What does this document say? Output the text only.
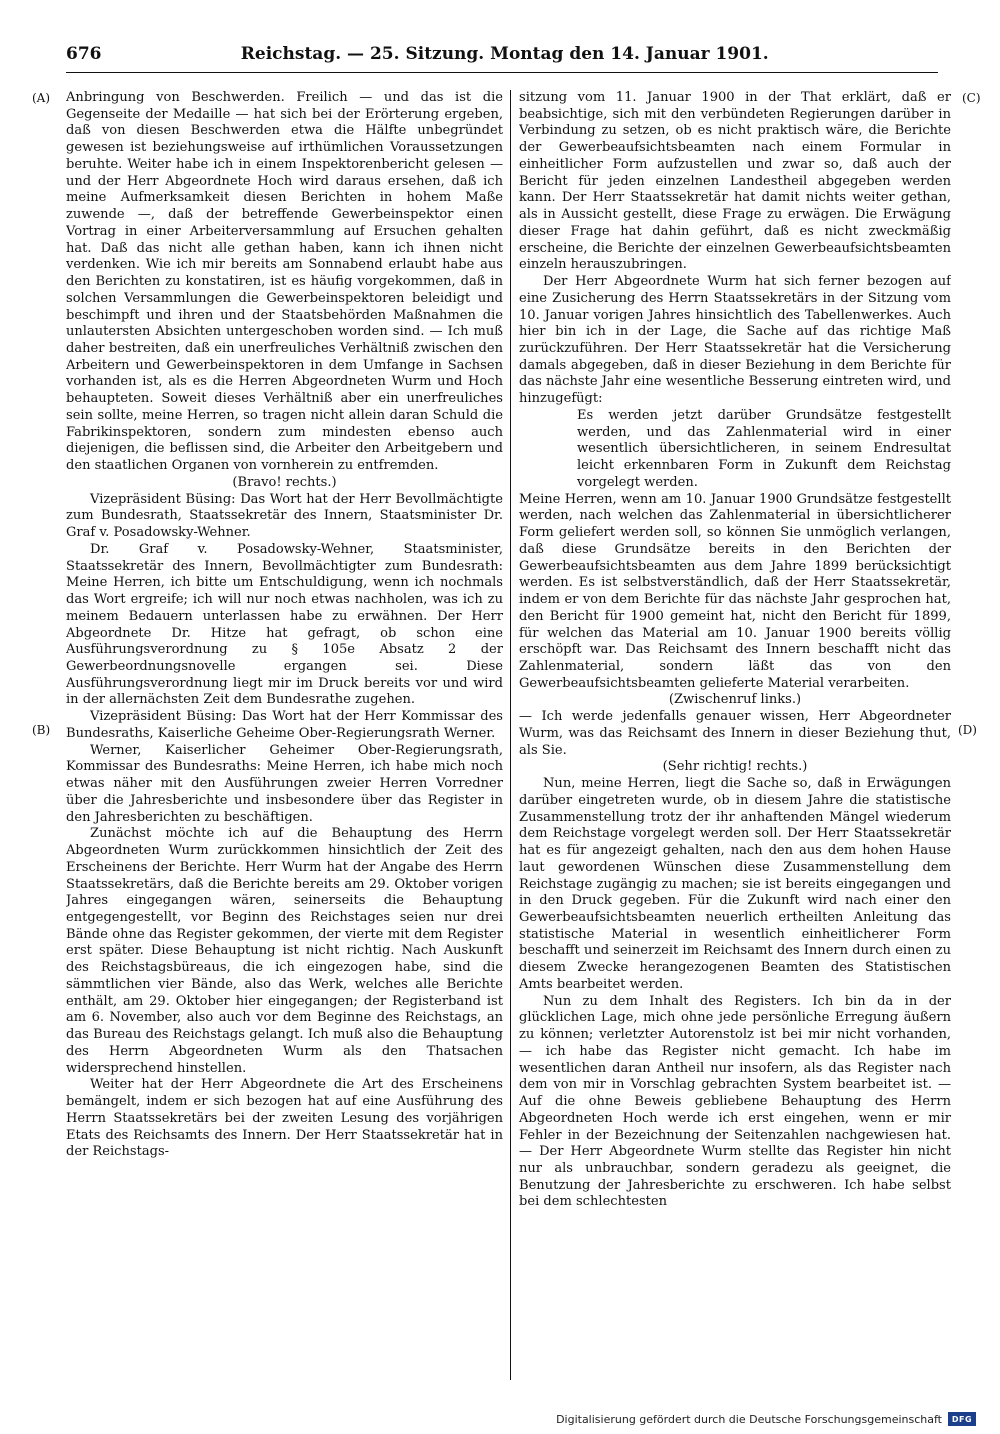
676	Reichstag. — 25. Sitzung. Montag den 14. Januar 1901.
(A)
(B)
(C)
(D)

Anbringung von Beschwerden. Freilich — und das ist die Gegenseite der Medaille — hat sich bei der Erörterung ergeben, daß von diesen Beschwerden etwa die Hälfte unbegründet gewesen ist beziehungsweise auf irthümlichen Voraussetzungen beruhte. Weiter habe ich in einem Inspektorenbericht gelesen — und der Herr Abgeordnete Hoch wird daraus ersehen, daß ich meine Aufmerksamkeit diesen Berichten in hohem Maße zuwende —, daß der betreffende Gewerbeinspektor einen Vortrag in einer Arbeiterversammlung auf Ersuchen gehalten hat. Daß das nicht alle gethan haben, kann ich ihnen nicht verdenken. Wie ich mir bereits am Sonnabend erlaubt habe aus den Berichten zu konstatiren, ist es häufig vorgekommen, daß in solchen Versammlungen die Gewerbeinspektoren beleidigt und beschimpft und ihren und der Staatsbehörden Maßnahmen die unlautersten Absichten untergeschoben worden sind. — Ich muß daher bestreiten, daß ein unerfreuliches Verhältniß zwischen den Arbeitern und Gewerbeinspektoren in dem Umfange in Sachsen vorhanden ist, als es die Herren Abgeordneten Wurm und Hoch behaupteten. Soweit dieses Verhältniß aber ein unerfreuliches sein sollte, meine Herren, so tragen nicht allein daran Schuld die Fabrikinspektoren, sondern zum mindesten ebenso auch diejenigen, die beflissen sind, die Arbeiter den Arbeitgebern und den staatlichen Organen von vornherein zu entfremden.

(Bravo! rechts.)

Vizepräsident Büsing: Das Wort hat der Herr Bevollmächtigte zum Bundesrath, Staatssekretär des Innern, Staatsminister Dr. Graf v. Posadowsky-Wehner.

Dr. Graf v. Posadowsky-Wehner, Staatsminister, Staatssekretär des Innern, Bevollmächtigter zum Bundesrath: Meine Herren, ich bitte um Entschuldigung, wenn ich nochmals das Wort ergreife; ich will nur noch etwas nachholen, was ich zu meinem Bedauern unterlassen habe zu erwähnen. Der Herr Abgeordnete Dr. Hitze hat gefragt, ob schon eine Ausführungsverordnung zu § 105e Absatz 2 der Gewerbeordnungsnovelle ergangen sei. Diese Ausführungsverordnung liegt mir im Druck bereits vor und wird in der allernächsten Zeit dem Bundesrathe zugehen.

Vizepräsident Büsing: Das Wort hat der Herr Kommissar des Bundesraths, Kaiserliche Geheime Ober-Regierungsrath Werner.

Werner, Kaiserlicher Geheimer Ober-Regierungsrath, Kommissar des Bundesraths: Meine Herren, ich habe mich noch etwas näher mit den Ausführungen zweier Herren Vorredner über die Jahresberichte und insbesondere über das Register in den Jahresberichten zu beschäftigen.

Zunächst möchte ich auf die Behauptung des Herrn Abgeordneten Wurm zurückkommen hinsichtlich der Zeit des Erscheinens der Berichte. Herr Wurm hat der Angabe des Herrn Staatssekretärs, daß die Berichte bereits am 29. Oktober vorigen Jahres eingegangen wären, seinerseits die Behauptung entgegengestellt, vor Beginn des Reichstages seien nur drei Bände ohne das Register gekommen, der vierte mit dem Register erst später. Diese Behauptung ist nicht richtig. Nach Auskunft des Reichstagsbüreaus, die ich eingezogen habe, sind die sämmtlichen vier Bände, also das Werk, welches alle Berichte enthält, am 29. Oktober hier eingegangen; der Registerband ist am 6. November, also auch vor dem Beginne des Reichstags, an das Bureau des Reichstags gelangt. Ich muß also die Behauptung des Herrn Abgeordneten Wurm als den Thatsachen widersprechend hinstellen.

Weiter hat der Herr Abgeordnete die Art des Erscheinens bemängelt, indem er sich bezogen hat auf eine Ausführung des Herrn Staatssekretärs bei der zweiten Lesung des vorjährigen Etats des Reichsamts des Innern. Der Herr Staatssekretär hat in der Reichstags-

sitzung vom 11. Januar 1900 in der That erklärt, daß er beabsichtige, sich mit den verbündeten Regierungen darüber in Verbindung zu setzen, ob es nicht praktisch wäre, die Berichte der Gewerbeaufsichtsbeamten nach einem Formular in einheitlicher Form aufzustellen und zwar so, daß auch der Bericht für jeden einzelnen Landestheil abgegeben werden kann. Der Herr Staatssekretär hat damit nichts weiter gethan, als in Aussicht gestellt, diese Frage zu erwägen. Die Erwägung dieser Frage hat dahin geführt, daß es nicht zweckmäßig erscheine, die Berichte der einzelnen Gewerbeaufsichtsbeamten einzeln herauszubringen.

Der Herr Abgeordnete Wurm hat sich ferner bezogen auf eine Zusicherung des Herrn Staatssekretärs in der Sitzung vom 10. Januar vorigen Jahres hinsichtlich des Tabellenwerkes. Auch hier bin ich in der Lage, die Sache auf das richtige Maß zurückzuführen. Der Herr Staatssekretär hat die Versicherung damals abgegeben, daß in dieser Beziehung in dem Berichte für das nächste Jahr eine wesentliche Besserung eintreten wird, und hinzugefügt:

Es werden jetzt darüber Grundsätze festgestellt werden, und das Zahlenmaterial wird in einer wesentlich übersichtlicheren, in seinem Endresultat leicht erkennbaren Form in Zukunft dem Reichstag vorgelegt werden.

Meine Herren, wenn am 10. Januar 1900 Grundsätze festgestellt werden, nach welchen das Zahlenmaterial in übersichtlicherer Form geliefert werden soll, so können Sie unmöglich verlangen, daß diese Grundsätze bereits in den Berichten der Gewerbeaufsichtsbeamten aus dem Jahre 1899 berücksichtigt werden. Es ist selbstverständlich, daß der Herr Staatssekretär, indem er von dem Berichte für das nächste Jahr gesprochen hat, den Bericht für 1900 gemeint hat, nicht den Bericht für 1899, für welchen das Material am 10. Januar 1900 bereits völlig erschöpft war. Das Reichsamt des Innern beschafft nicht das Zahlenmaterial, sondern läßt das von den Gewerbeaufsichtsbeamten gelieferte Material verarbeiten.

(Zwischenruf links.)

— Ich werde jedenfalls genauer wissen, Herr Abgeordneter Wurm, was das Reichsamt des Innern in dieser Beziehung thut, als Sie.

(Sehr richtig! rechts.)

Nun, meine Herren, liegt die Sache so, daß in Erwägungen darüber eingetreten wurde, ob in diesem Jahre die statistische Zusammenstellung trotz der ihr anhaftenden Mängel wiederum dem Reichstage vorgelegt werden soll. Der Herr Staatssekretär hat es für angezeigt gehalten, nach den aus dem hohen Hause laut gewordenen Wünschen diese Zusammenstellung dem Reichstage zugängig zu machen; sie ist bereits eingegangen und in den Druck gegeben. Für die Zukunft wird nach einer den Gewerbeaufsichtsbeamten neuerlich ertheilten Anleitung das statistische Material in wesentlich einheitlicherer Form beschafft und seinerzeit im Reichsamt des Innern durch einen zu diesem Zwecke herangezogenen Beamten des Statistischen Amts bearbeitet werden.

Nun zu dem Inhalt des Registers. Ich bin da in der glücklichen Lage, mich ohne jede persönliche Erregung äußern zu können; verletzter Autorenstolz ist bei mir nicht vorhanden, — ich habe das Register nicht gemacht. Ich habe im wesentlichen daran Antheil nur insofern, als das Register nach dem von mir in Vorschlag gebrachten System bearbeitet ist. — Auf die ohne Beweis gebliebene Behauptung des Herrn Abgeordneten Hoch werde ich erst eingehen, wenn er mir Fehler in der Bezeichnung der Seitenzahlen nachgewiesen hat. — Der Herr Abgeordnete Wurm stellte das Register hin nicht nur als unbrauchbar, sondern geradezu als geeignet, die Benutzung der Jahresberichte zu erschweren. Ich habe selbst bei dem schlechtesten

Digitalisierung gefördert durch die Deutsche Forschungsgemeinschaft	DFG
